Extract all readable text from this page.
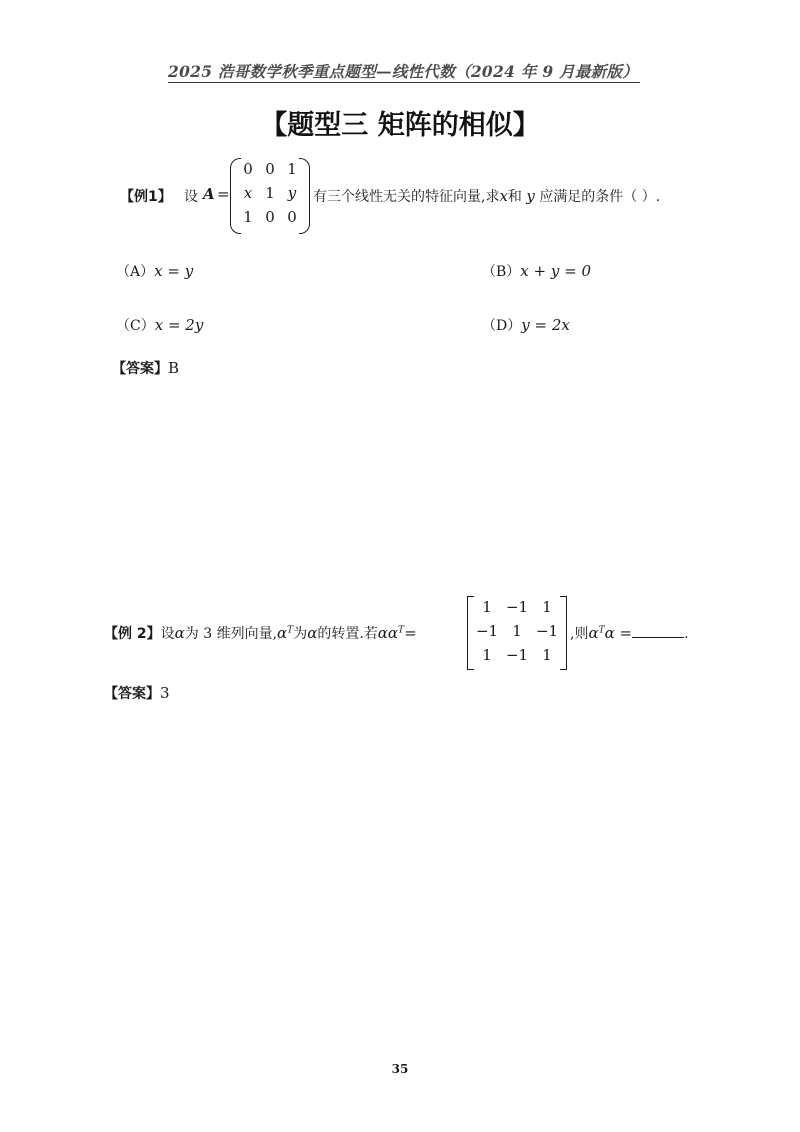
2025 浩哥数学秋季重点题型—线性代数（2024 年 9 月最新版）
【题型三 矩阵的相似】
【例1】 设 A =
0 0 1
x 1 y
1 0 0
有三个线性无关的特征向量,求x和 y 应满足的条件（ ）.
（A）x = y	（B）x + y = 0
（C）x = 2y	（D）y = 2x
【答案】B
【例 2】设α为 3 维列向量$,\alpha^T$为α的转置.若$\alpha\alpha^T=$
1 −1 1
−1 1 −1
1 −1 1
,则$\alpha^T\alpha$ =	.
【答案】3
35
